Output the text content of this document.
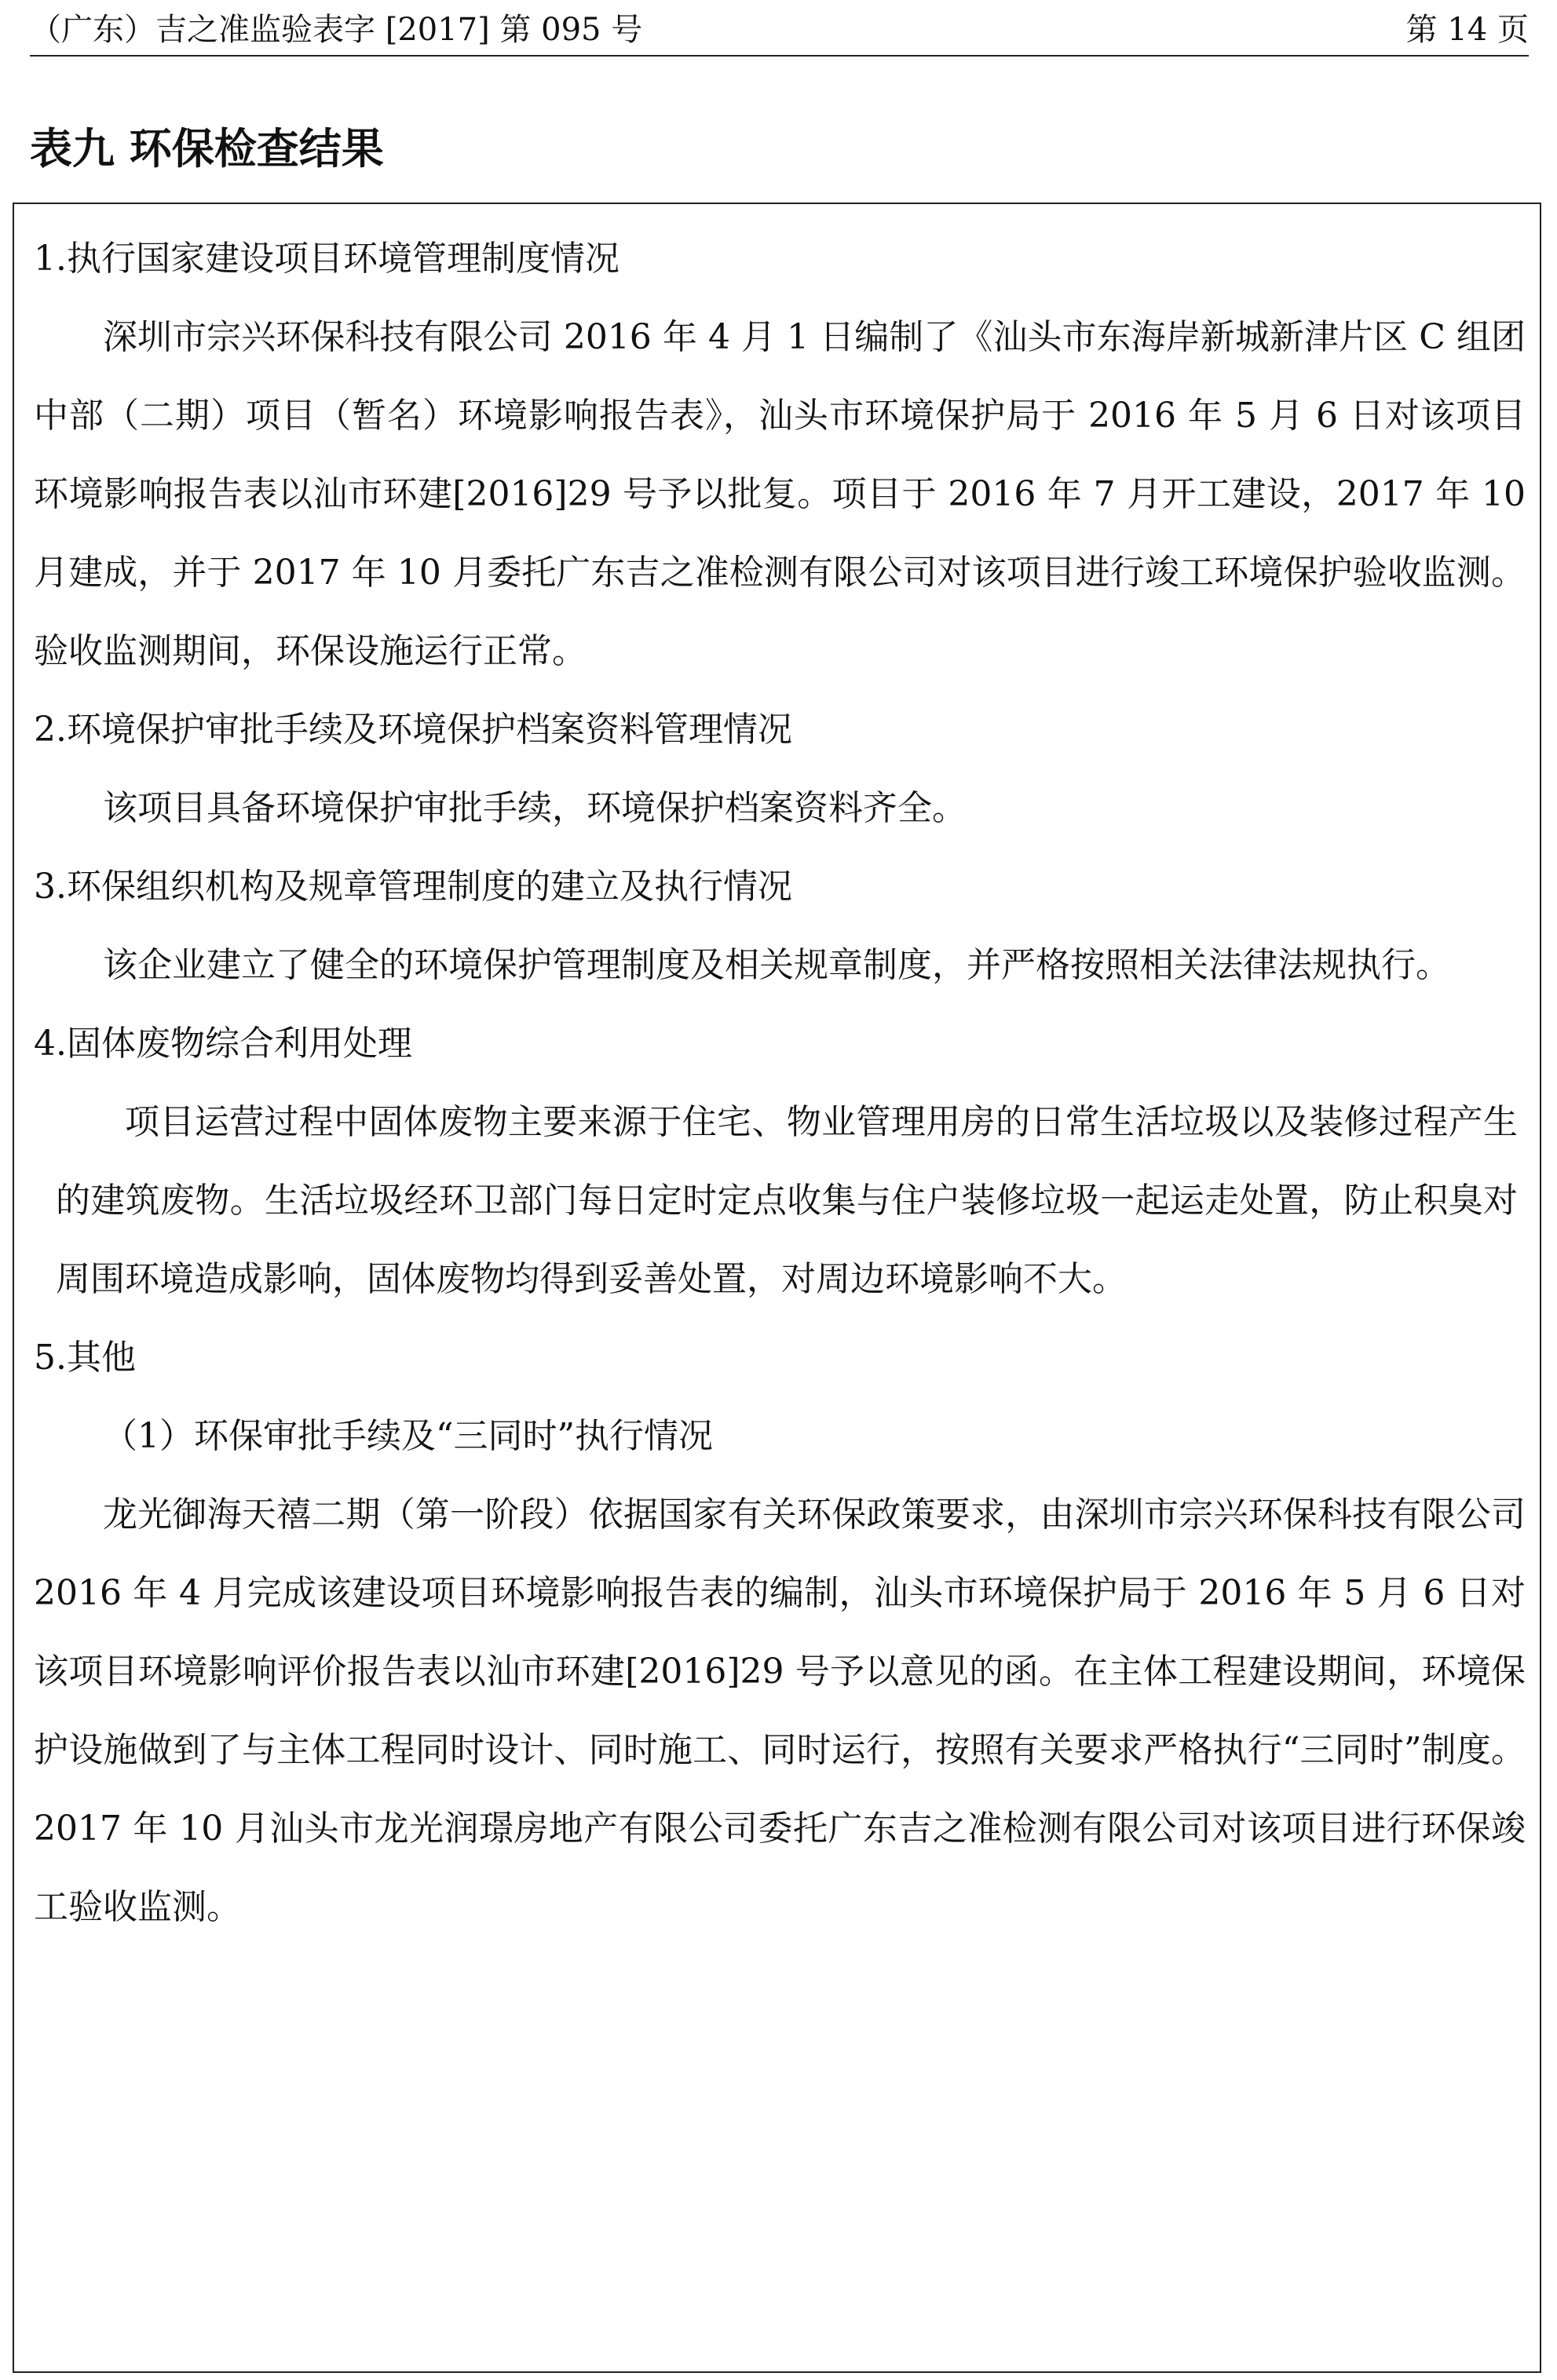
（广东）吉之准监验表字 [2017] 第 095 号	第 14 页
表九 环保检查结果

1.执行国家建设项目环境管理制度情况

深圳市宗兴环保科技有限公司 2016 年 4 月 1 日编制了《汕头市东海岸新城新津片区 C 组团中部（二期）项目（暂名）环境影响报告表》，汕头市环境保护局于 2016 年 5 月 6 日对该项目环境影响报告表以汕市环建[2016]29 号予以批复。项目于 2016 年 7 月开工建设，2017 年 10 月建成，并于 2017 年 10 月委托广东吉之准检测有限公司对该项目进行竣工环境保护验收监测。验收监测期间，环保设施运行正常。

2.环境保护审批手续及环境保护档案资料管理情况

该项目具备环境保护审批手续，环境保护档案资料齐全。

3.环保组织机构及规章管理制度的建立及执行情况

该企业建立了健全的环境保护管理制度及相关规章制度，并严格按照相关法律法规执行。

4.固体废物综合利用处理

项目运营过程中固体废物主要来源于住宅、物业管理用房的日常生活垃圾以及装修过程产生的建筑废物。生活垃圾经环卫部门每日定时定点收集与住户装修垃圾一起运走处置，防止积臭对周围环境造成影响，固体废物均得到妥善处置，对周边环境影响不大。

5.其他

（1）环保审批手续及“三同时”执行情况

龙光御海天禧二期（第一阶段）依据国家有关环保政策要求，由深圳市宗兴环保科技有限公司 2016 年 4 月完成该建设项目环境影响报告表的编制，汕头市环境保护局于 2016 年 5 月 6 日对该项目环境影响评价报告表以汕市环建[2016]29 号予以意见的函。在主体工程建设期间，环境保护设施做到了与主体工程同时设计、同时施工、同时运行，按照有关要求严格执行“三同时”制度。2017 年 10 月汕头市龙光润璟房地产有限公司委托广东吉之准检测有限公司对该项目进行环保竣工验收监测。
